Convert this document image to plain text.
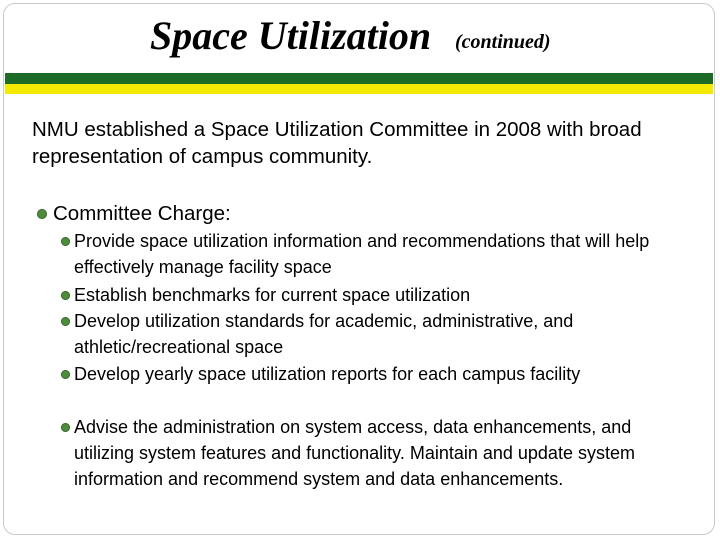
Space Utilization (continued)
NMU established a Space Utilization Committee in 2008 with broad representation of campus community.
Committee Charge:
Provide space utilization information and recommendations that will help effectively manage facility space
Establish benchmarks for current space utilization
Develop utilization standards for academic, administrative, and athletic/recreational space
Develop yearly space utilization reports for each campus facility
Advise the administration on system access, data enhancements, and utilizing system features and functionality. Maintain and update system information and recommend system and data enhancements.
